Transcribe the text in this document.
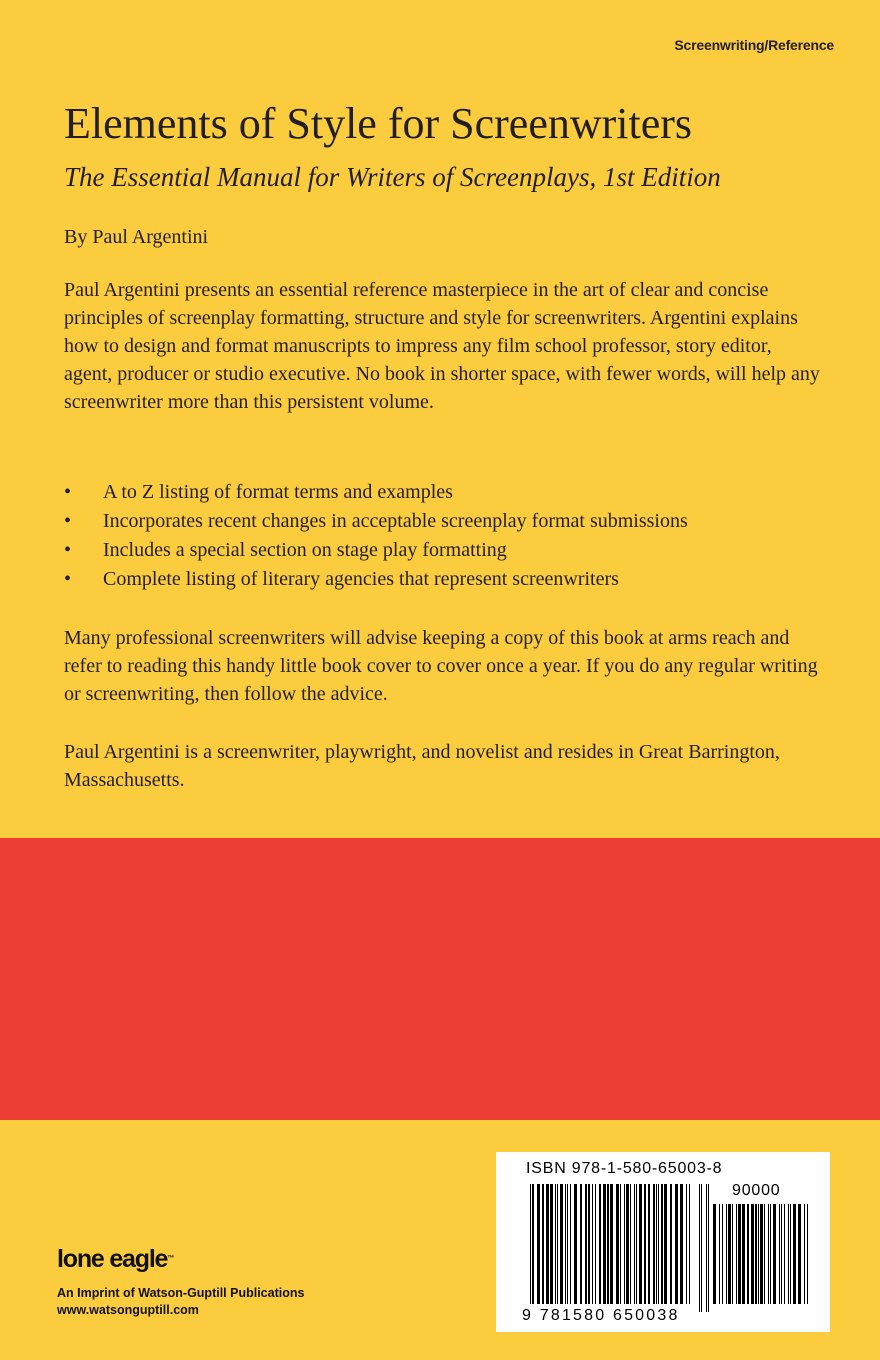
Screenwriting/Reference
Elements of Style for Screenwriters
The Essential Manual for Writers of Screenplays, 1st Edition
By Paul Argentini

Paul Argentini presents an essential reference masterpiece in the art of clear and concise principles of screenplay formatting, structure and style for screenwriters. Argentini explains how to design and format manuscripts to impress any film school professor, story editor, agent, producer or studio executive. No book in shorter space, with fewer words, will help any screenwriter more than this persistent volume.

• A to Z listing of format terms and examples
• Incorporates recent changes in acceptable screenplay format submissions
• Includes a special section on stage play formatting
• Complete listing of literary agencies that represent screenwriters

Many professional screenwriters will advise keeping a copy of this book at arms reach and refer to reading this handy little book cover to cover once a year. If you do any regular writing or screenwriting, then follow the advice.

Paul Argentini is a screenwriter, playwright, and novelist and resides in Great Barrington, Massachusetts.

lone eagle™
An Imprint of Watson-Guptill Publications
www.watsonguptill.com
ISBN 978-1-580-65003-8
90000
9 781580 650038
